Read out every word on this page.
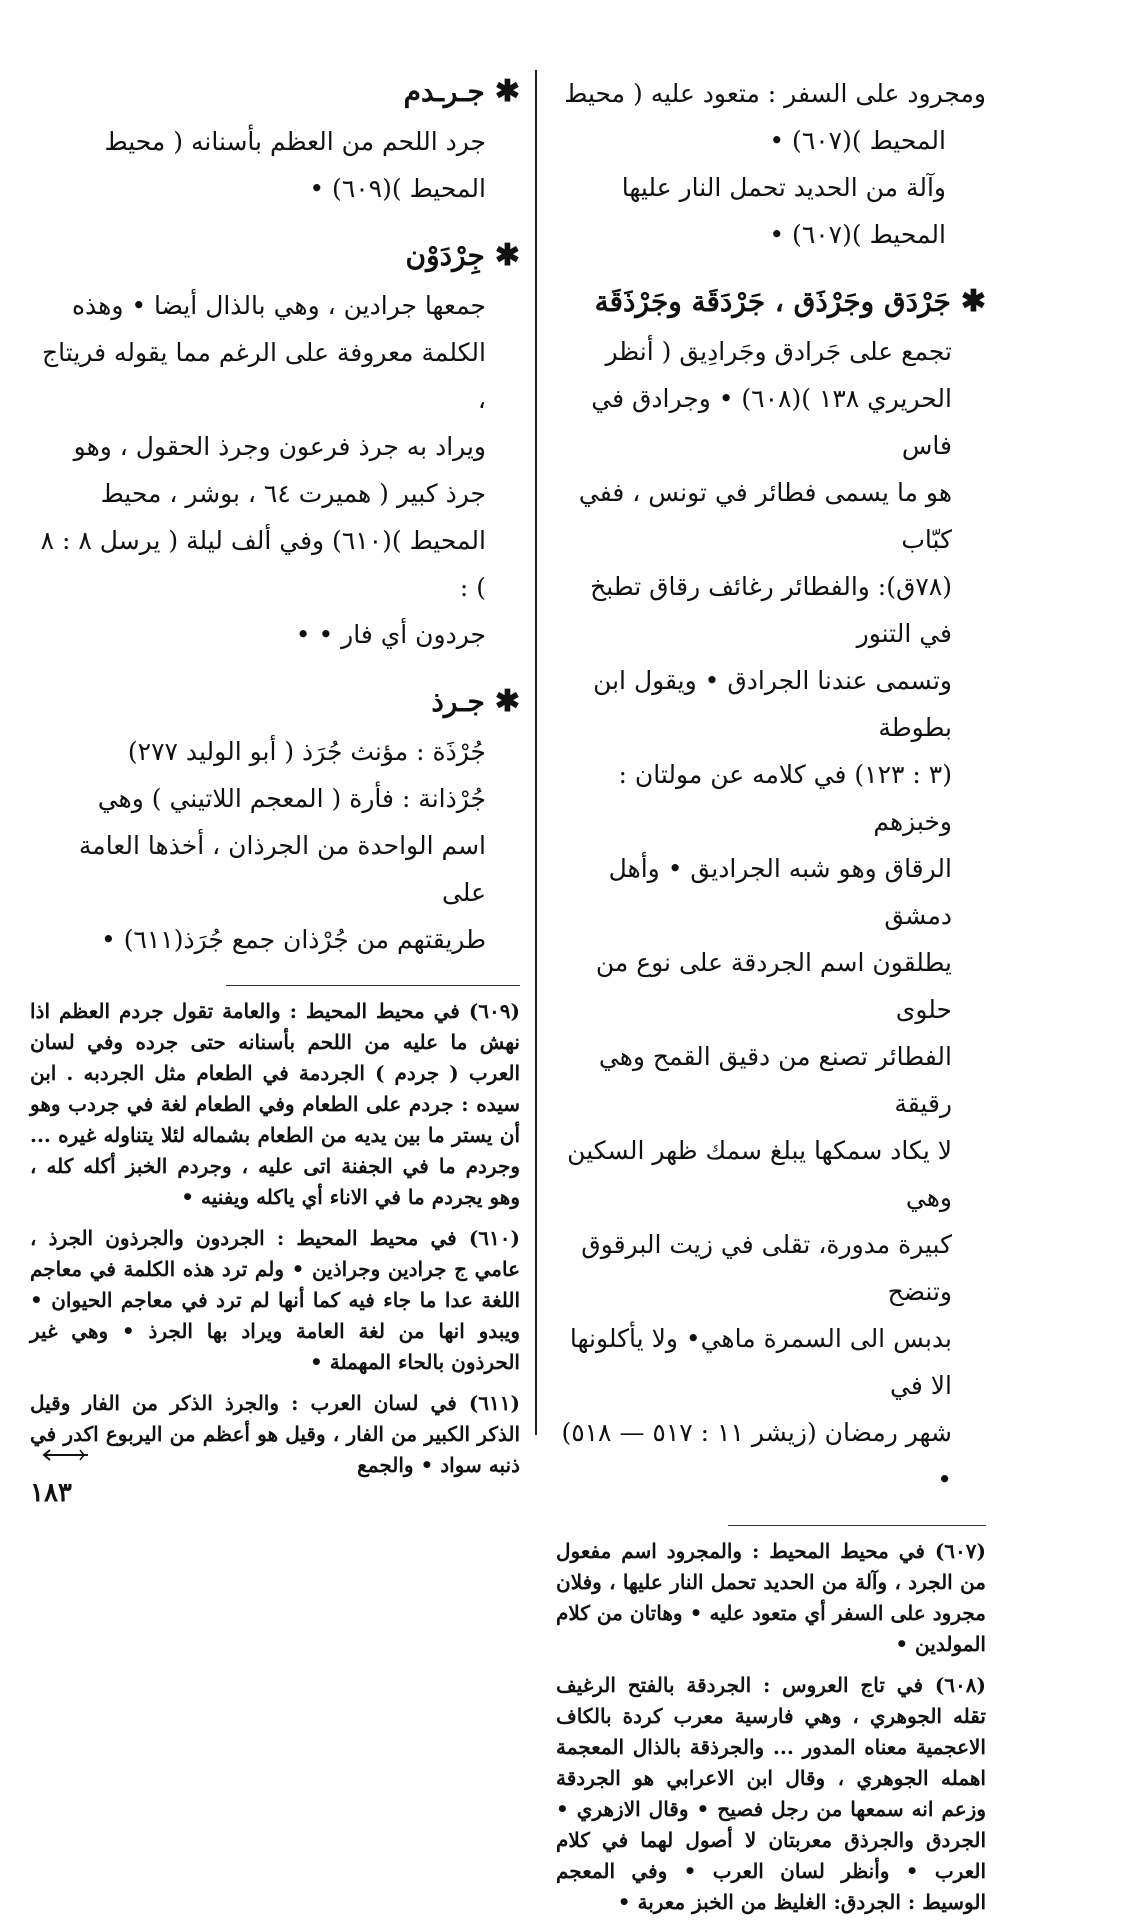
ومجرود على السفر : متعود عليه ( محيط

المحيط )(٦٠٧) •

وآلة من الحديد تحمل النار عليها

المحيط )(٦٠٧) •

✱جَرْدَق وجَرْذَق ، جَرْدَقَة وجَرْذَقَة

تجمع على جَرادق وجَرادِيق ( أنظر

الحريري ١٣٨ )(٦٠٨) • وجرادق في فاس

هو ما يسمى فطائر في تونس ، ففي كبّاب

(٧٨ق): والفطائر رغائف رقاق تطبخ في التنور

وتسمى عندنا الجرادق • ويقول ابن بطوطة

(٣ : ١٢٣) في كلامه عن مولتان : وخبزهم

الرقاق وهو شبه الجراديق • وأهل دمشق

يطلقون اسم الجردقة على نوع من حلوى

الفطائر تصنع من دقيق القمح وهي رقيقة

لا يكاد سمكها يبلغ سمك ظهر السكين وهي

كبيرة مدورة، تقلى في زيت البرقوق وتنضح

بدبس الى السمرة ماهي• ولا يأكلونها الا في

شهر رمضان (زيشر ١١ : ٥١٧ — ٥١٨) •

(٦٠٧) في محيط المحيط : والمجرود اسم مفعول من الجرد ، وآلة من الحديد تحمل النار عليها ، وفلان مجرود على السفر أي متعود عليه • وهاتان من كلام المولدين •
(٦٠٨) في تاج العروس : الجردقة بالفتح الرغيف تقله الجوهري ، وهي فارسية معرب كردة بالكاف الاعجمية معناه المدور ... والجرذقة بالذال المعجمة اهمله الجوهري ، وقال ابن الاعرابي هو الجردقة وزعم انه سمعها من رجل فصيح • وقال الازهري • الجردق والجرذق معربتان لا أصول لهما في كلام العرب • وأنظر لسان العرب • وفي المعجم الوسيط : الجردق: الغليظ من الخبز معربة •
✱جـرـدم

جرد اللحم من العظم بأسنانه ( محيط

المحيط )(٦٠٩) •

✱جِرْدَوْن

جمعها جرادين ، وهي بالذال أيضا • وهذه

الكلمة معروفة على الرغم مما يقوله فريتاج ،

ويراد به جرذ فرعون وجرذ الحقول ، وهو

جرذ كبير ( هميرت ٦٤ ، بوشر ، محيط

المحيط )(٦١٠) وفي ألف ليلة ( يرسل ٨ : ٨ ) :

جردون أي فار • •

✱جـرذ

جُرْذَة : مؤنث جُرَذ ( أبو الوليد ٢٧٧)

جُرْذانة : فأرة ( المعجم اللاتيني ) وهي

اسم الواحدة من الجرذان ، أخذها العامة على

طريقتهم من جُرْذان جمع جُرَذ(٦١١) •

(٦٠٩) في محيط المحيط : والعامة تقول جردم العظم اذا نهش ما عليه من اللحم بأسنانه حتى جرده وفي لسان العرب ( جردم ) الجردمة في الطعام مثل الجردبه . ابن سيده : جردم على الطعام وفي الطعام لغة في جردب وهو أن يستر ما بين يديه من الطعام بشماله لئلا يتناوله غيره ... وجردم ما في الجفنة اتى عليه ، وجردم الخبز أكله كله ، وهو يجردم ما في الاناء أي ياكله ويفنيه •
(٦١٠) في محيط المحيط : الجردون والجرذون الجرذ ، عامي ج جرادين وجراذين • ولم ترد هذه الكلمة في معاجم اللغة عدا ما جاء فيه كما أنها لم ترد في معاجم الحيوان • ويبدو انها من لغة العامة ويراد بها الجرذ • وهي غير الحرذون بالحاء المهملة •
(٦١١) في لسان العرب : والجرذ الذكر من الفار وقيل الذكر الكبير من الفار ، وقيل هو أعظم من اليربوع اكدر في ذنبه سواد • والجمع
١٨٣
